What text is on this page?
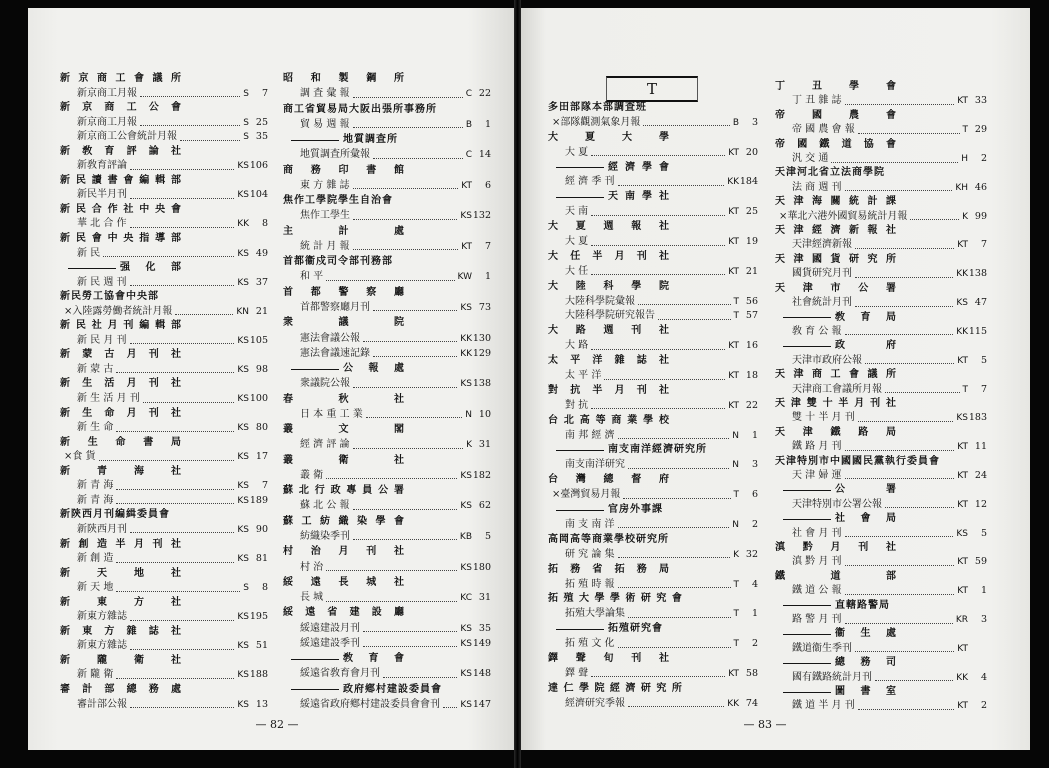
新 京 商 工 會 議 所
新京商工月報	S	7
新 京 商 工 公 會
新京商工月報	S 25
新京商工公會統計月報	S 35
新 敎 育 評 論 社
新敎育評論	KS 106
新 民 讀 書 會 編 輯 部
新民半月刊	KS 104
新 民 合 作 社 中 央 會
華 北 合 作	KK	8
新 民 會 中 央 指 導 部
新 民	KS 49
强 化 部
新 民 週 刊	KS 37
新民勞工協會中央部
×入陸露勞働者統計月報	KN 21
新 民 社 月 刊 編 輯 部
新 民 月 刊	KS 105
新 蒙 古 月 刊 社
新 蒙 古	KS 98
新 生 活 月 刊 社
新 生 活 月 刊	KS 100
新 生 命 月 刊 社
新 生 命	KS 80
新 生 命 書 局
×食 貨	KS 17
新 青 海 社
新 青 海	KS	7
新 青 海	KS 189
新陝西月刊編緝委員會
新陝西月刊	KS 90
新 創 造 半 月 刊 社
新 創 造	KS 81
新 天 地 社
新 天 地	S	8
新 東 方 社
新東方雜誌	KS 195
新 東 方 雜 誌 社
新東方雜誌	KS 51
新 隴 衛 社
新 隴 衛	KS 188
審 計 部 總 務 處
審計部公報	KS 13
昭 和 製 鋼 所
調 査 彙 報	C 22
商工省貿易局大阪出張所事務所
貿 易 週 報	B	1
地質調査所
地質調査所彙報	C 14
商 務 印 書 館
東 方 雜 誌	KT	6
焦作工學院學生自治會
焦作工學生	KS 132
主 計 處
統 計 月 報	KT	7
首都衞戍司令部刊務部
和 平	KW	1
首 都 警 察 廳
首都警察廳月刊	KS 73
衆 議 院
憲法會議公報	KK 130
憲法會議速記錄	KK 129
公 報 處
衆議院公報	KS 138
春 秋 社
日 本 重 工 業	N 10
叢 文 閣
經 濟 評 論	K 31
叢 衛 社
叢 衛	KS 182
蘇 北 行 政 專 員 公 署
蘇 北 公 報	KS 62
蘇 工 紡 織 染 學 會
紡織染季刊	KB	5
村 治 月 刊 社
村 治	KS 180
綏 遠 長 城 社
長 城	KC 31
綏 遠 省 建 設 廳
綏遠建設月刊	KS 35
綏遠建設季刊	KS 149
敎 育 會
綏遠省敎育會月刊	KS 148
政府鄕村建設委員會
綏遠省政府鄕村建設委員會會刊 KS 147
— 82 —
T
多田部隊本部調査班
×部隊觀測氣象月報	B	3
大 夏 大 學
大 夏	KT 20
經 濟 學 會
經 濟 季 刊	KK 184
天 南 學 社
天 南	KT 25
大 夏 週 報 社
大 夏	KT 19
大 任 半 月 刊 社
大 任	KT 21
大 陸 科 學 院
大陸科學院彙報	T 56
大陸科學院研究報告	T 57
大 路 週 刊 社
大 路	KT 16
太 平 洋 雜 誌 社
太 平 洋	KT 18
對 抗 半 月 刊 社
對 抗	KT 22
台 北 高 等 商 業 學 校
南 邦 經 濟	N	1
南支南洋經濟研究所
南支南洋研究	N	3
台 灣 總 督 府
×臺灣貿易月報	T	6
官房外事課
南 支 南 洋	N	2
高岡高等商業學校研究所
研 究 論 集	K 32
拓 務 省 拓 務 局
拓 殖 時 報	T	4
拓 殖 大 學 學 術 研 究 會
拓殖大學論集	T	1
拓殖研究會
拓 殖 文 化	T	2
鐸 聲 旬 刊 社
鐸 聲	KT 58
達 仁 學 院 經 濟 研 究 所
經濟研究季報	KK 74
丁 丑 學 會
丁 丑 雜 誌	KT 33
帝 國 農 會
帝 國 農 會 報	T 29
帝 國 鐵 道 協 會
汎 交 通	H	2
天津河北省立法商學院
法 商 週 刊	KH 46
天 津 海 關 統 計 課
×華北六港外國貿易統計月報	K 99
天 津 經 濟 新 報 社
天津經濟新報	KT	7
天 津 國 貨 研 究 所
國貨研究月刊	KK 138
天 津 市 公 署
社會統計月刊	KS 47
敎 育 局
敎 育 公 報	KK 115
政 府
天津市政府公報	KT	5
天 津 商 工 會 議 所
天津商工會議所月報	T	7
天 津 雙 十 半 月 刊 社
雙 十 半 月 刊	KS 183
天 津 鐵 路 局
鐵 路 月 刊	KT 11
天津特別市中國國民黨執行委員會
天 津 婦 運	KT 24
公 署
天津特別市公署公報	KT 12
社 會 局
社 會 月 刊	KS	5
滇 黔 月 刊 社
滇 黔 月 刊	KT 59
鐵 道 部
鐵 道 公 報	KT	1
直轄路警局
路 警 月 刊	KR	3
衞 生 處
鐵道衞生季刊	KT
總 務 司
國有鐵路統計月刊	KK	4
圖 書 室
鐵 道 半 月 刊	KT	2
— 83 —
